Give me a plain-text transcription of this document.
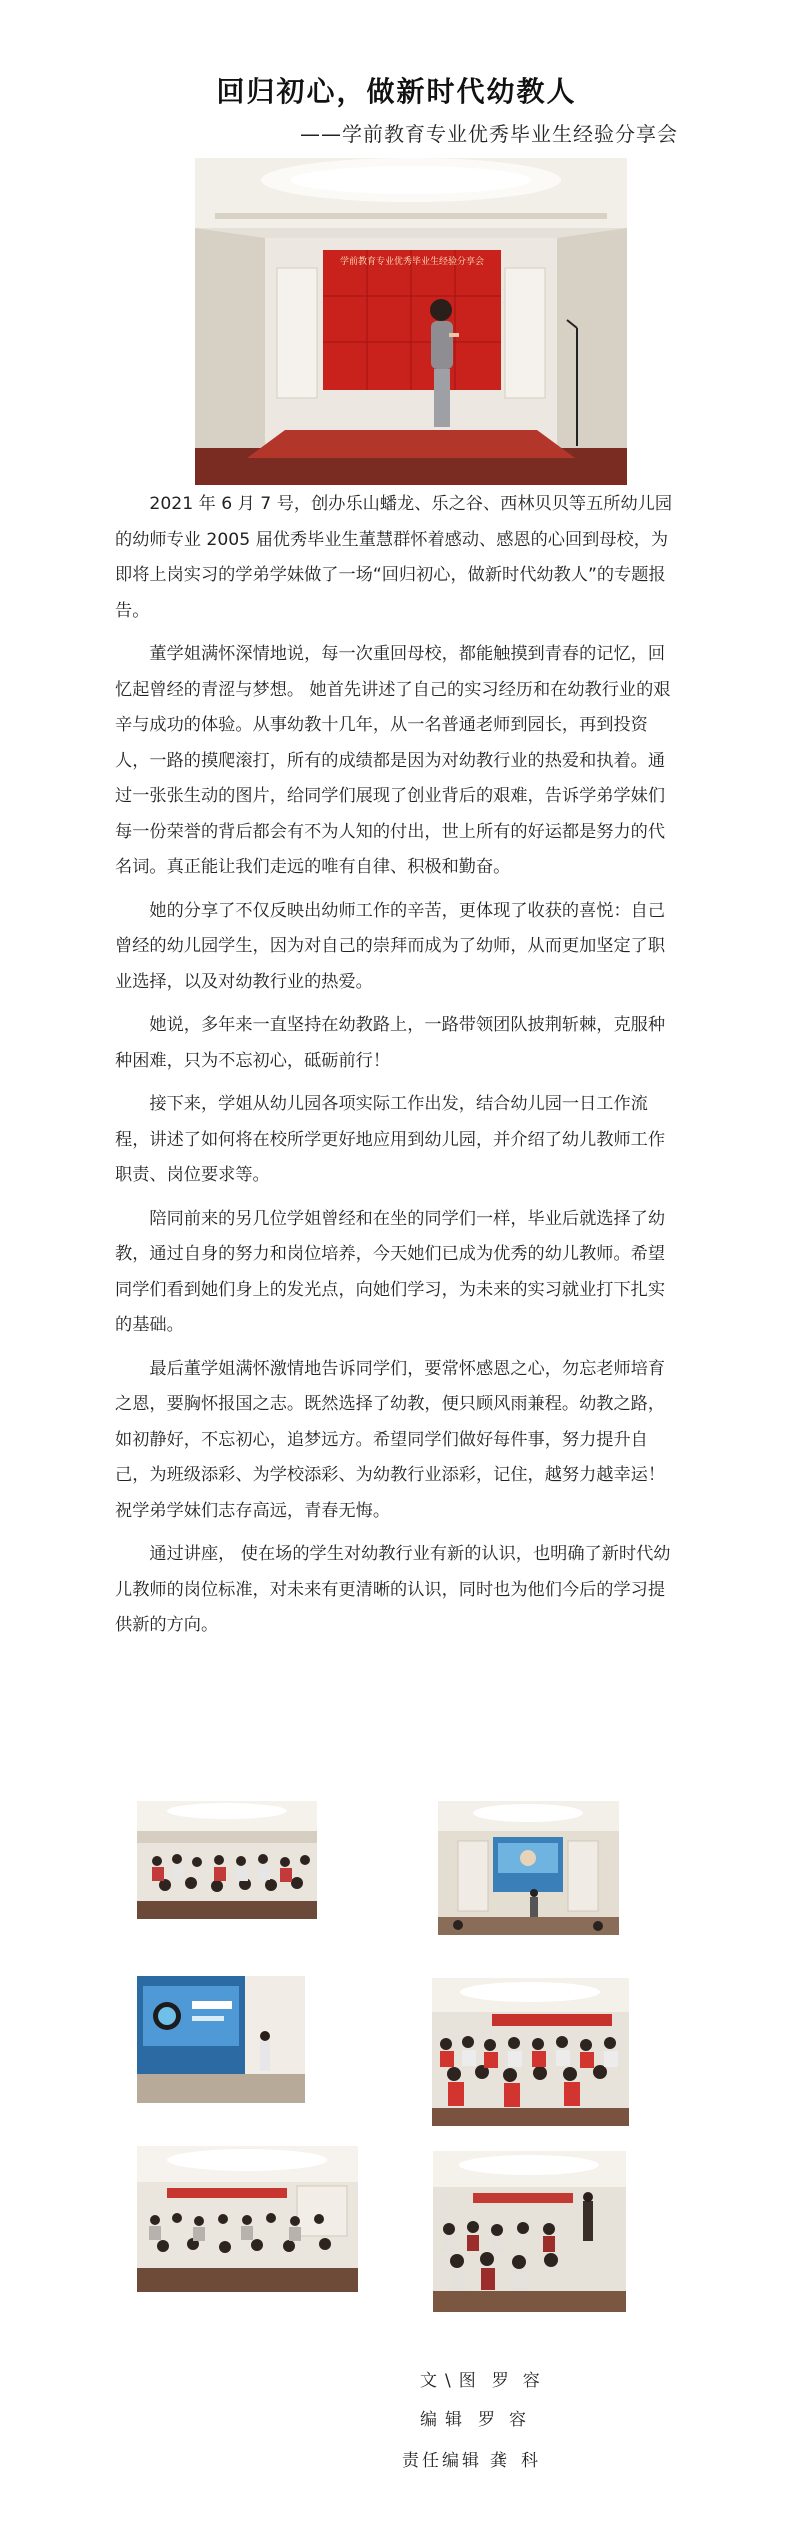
回归初心，做新时代幼教人
——学前教育专业优秀毕业生经验分享会
学前教育专业优秀毕业生经验分享会

2021 年 6 月 7 号，创办乐山蟠龙、乐之谷、西林贝贝等五所幼儿园的幼师专业 2005 届优秀毕业生董慧群怀着感动、感恩的心回到母校，为即将上岗实习的学弟学妹做了一场“回归初心，做新时代幼教人”的专题报告。

董学姐满怀深情地说，每一次重回母校，都能触摸到青春的记忆，回忆起曾经的青涩与梦想。 她首先讲述了自己的实习经历和在幼教行业的艰辛与成功的体验。从事幼教十几年，从一名普通老师到园长，再到投资人，一路的摸爬滚打，所有的成绩都是因为对幼教行业的热爱和执着。通过一张张生动的图片，给同学们展现了创业背后的艰难，告诉学弟学妹们每一份荣誉的背后都会有不为人知的付出，世上所有的好运都是努力的代名词。真正能让我们走远的唯有自律、积极和勤奋。

她的分享了不仅反映出幼师工作的辛苦，更体现了收获的喜悦：自己曾经的幼儿园学生，因为对自己的崇拜而成为了幼师，从而更加坚定了职业选择，以及对幼教行业的热爱。

她说，多年来一直坚持在幼教路上，一路带领团队披荆斩棘，克服种种困难，只为不忘初心，砥砺前行！

接下来，学姐从幼儿园各项实际工作出发，结合幼儿园一日工作流程，讲述了如何将在校所学更好地应用到幼儿园，并介绍了幼儿教师工作职责、岗位要求等。

陪同前来的另几位学姐曾经和在坐的同学们一样，毕业后就选择了幼教，通过自身的努力和岗位培养，今天她们已成为优秀的幼儿教师。希望同学们看到她们身上的发光点，向她们学习，为未来的实习就业打下扎实的基础。

最后董学姐满怀激情地告诉同学们，要常怀感恩之心，勿忘老师培育之恩，要胸怀报国之志。既然选择了幼教，便只顾风雨兼程。幼教之路，如初静好，不忘初心，追梦远方。希望同学们做好每件事，努力提升自己，为班级添彩、为学校添彩、为幼教行业添彩，记住，越努力越幸运！祝学弟学妹们志存高远，青春无悔。

通过讲座， 使在场的学生对幼教行业有新的认识，也明确了新时代幼儿教师的岗位标准，对未来有更清晰的认识，同时也为他们今后的学习提供新的方向。

文\图 罗容
编辑 罗容
责任编辑 龚科
